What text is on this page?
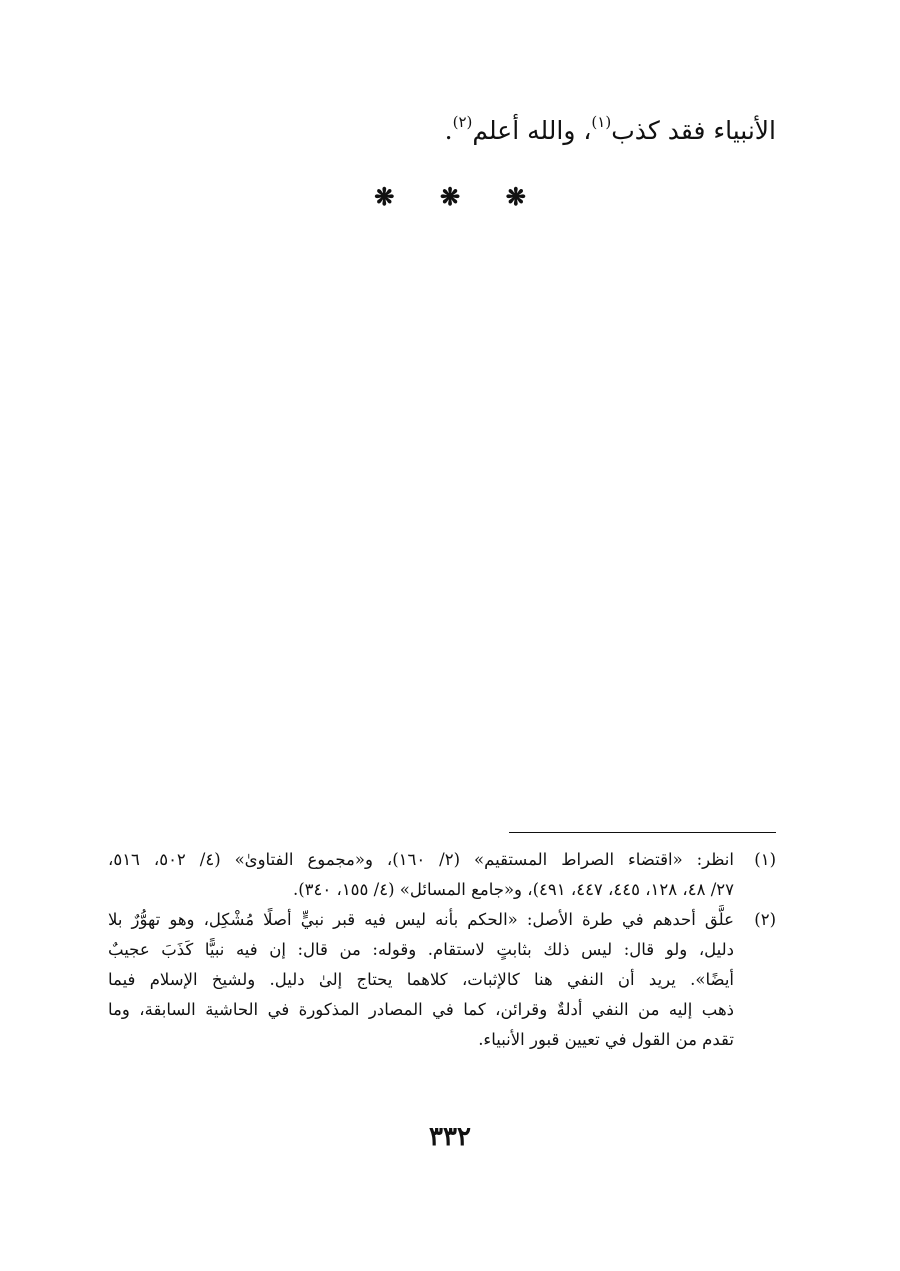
الأنبياء فقد كذب$^{(١)}$، والله أعلم$^{(٢)}$.
❋ ❋ ❋
(١)
انظر: «اقتضاء الصراط المستقيم» (٢/ ١٦٠)، و«مجموع الفتاوىٰ» (٤/ ٥٠٢، ٥١٦،
٢٧/ ٤٨، ١٢٨، ٤٤٥، ٤٤٧، ٤٩١)، و«جامع المسائل» (٤/ ١٥٥، ٣٤٠).
(٢)
علَّق أحدهم في طرة الأصل: «الحكم بأنه ليس فيه قبر نبيٍّ أصلًا مُشْكِل، وهو تهوُّرٌ بلا
دليل، ولو قال: ليس ذلك بثابتٍ لاستقام. وقوله: من قال: إن فيه نبيًّا كَذَبَ عجيبٌ
أيضًا». يريد أن النفي هنا كالإثبات، كلاهما يحتاج إلىٰ دليل. ولشيخ الإسلام فيما
ذهب إليه من النفي أدلةٌ وقرائن، كما في المصادر المذكورة في الحاشية السابقة، وما
تقدم من القول في تعيين قبور الأنبياء.
٣٣٢
